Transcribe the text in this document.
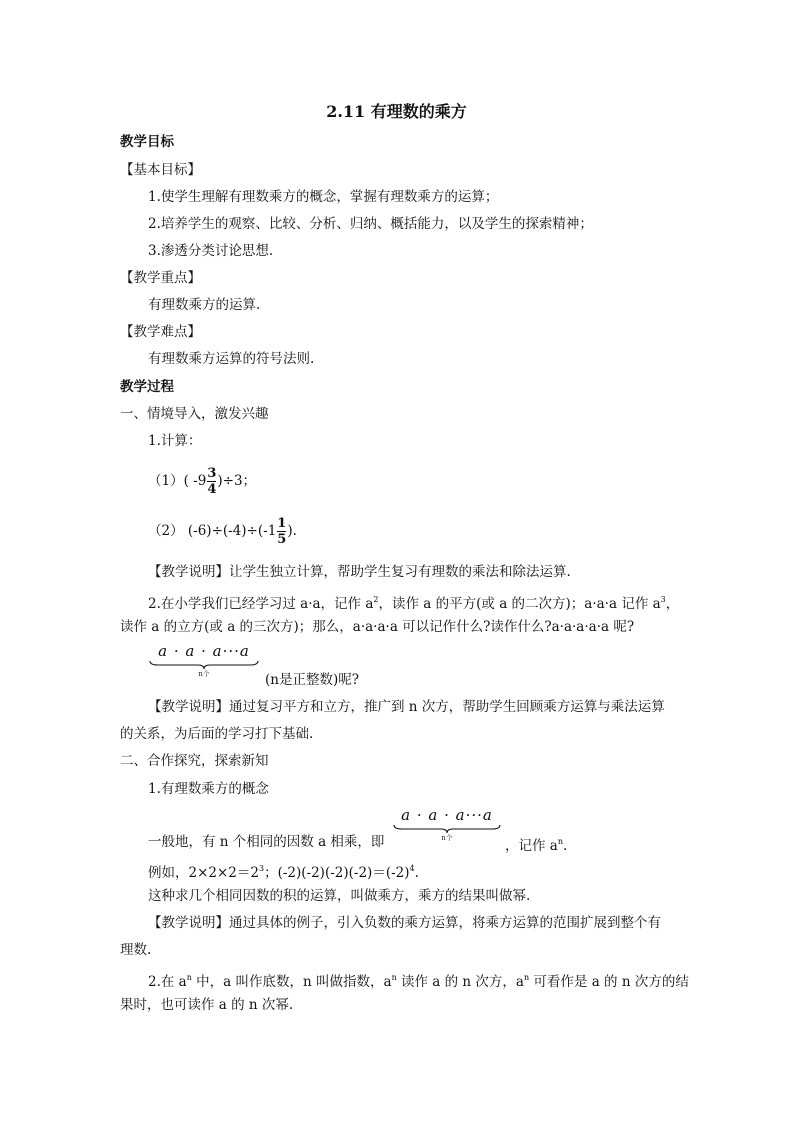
2.11 有理数的乘方
教学目标
【基本目标】
1.使学生理解有理数乘方的概念，掌握有理数乘方的运算；
2.培养学生的观察、比较、分析、归纳、概括能力，以及学生的探索精神；
3.渗透分类讨论思想.
【教学重点】
有理数乘方的运算.
【教学难点】
有理数乘方运算的符号法则.
教学过程
一、情境导入，激发兴趣
1.计算：
（1）( $-9 \frac{3}{4} )\div 3$；
（2） $(-6)\div(-4)\div(-1 \frac{1}{5}$ ).
【教学说明】让学生独立计算，帮助学生复习有理数的乘法和除法运算.
2.在小学我们已经学习过 a·a，记作 $a^2$，读作 a 的平方(或 a 的二次方)；a·a·a 记作 $a^3$，
读作 a 的立方(或 a 的三次方)；那么，a·a·a·a 可以记作什么?读作什么?a·a·a·a·a 呢?
a · a · a···a
n个	(n是正整数)呢?
【教学说明】通过复习平方和立方，推广到 n 次方，帮助学生回顾乘方运算与乘法运算
的关系，为后面的学习打下基础.
二、合作探究，探索新知
1.有理数乘方的概念
一般地，有 n 个相同的因数 a 相乘，即
a · a · a···a
n个	，记作 $a^n$.
例如，$2\times 2\times 2=2^3$；$(-2)(-2)(-2)(-2)=(-2)^4$.
这种求几个相同因数的积的运算，叫做乘方，乘方的结果叫做幂.
【教学说明】通过具体的例子，引入负数的乘方运算，将乘方运算的范围扩展到整个有
理数.
2.在 $a^n$ 中，a 叫作底数，n 叫做指数，$a^n$ 读作 a 的 n 次方，$a^n$ 可看作是 a 的 n 次方的结
果时，也可读作 a 的 n 次幂.
